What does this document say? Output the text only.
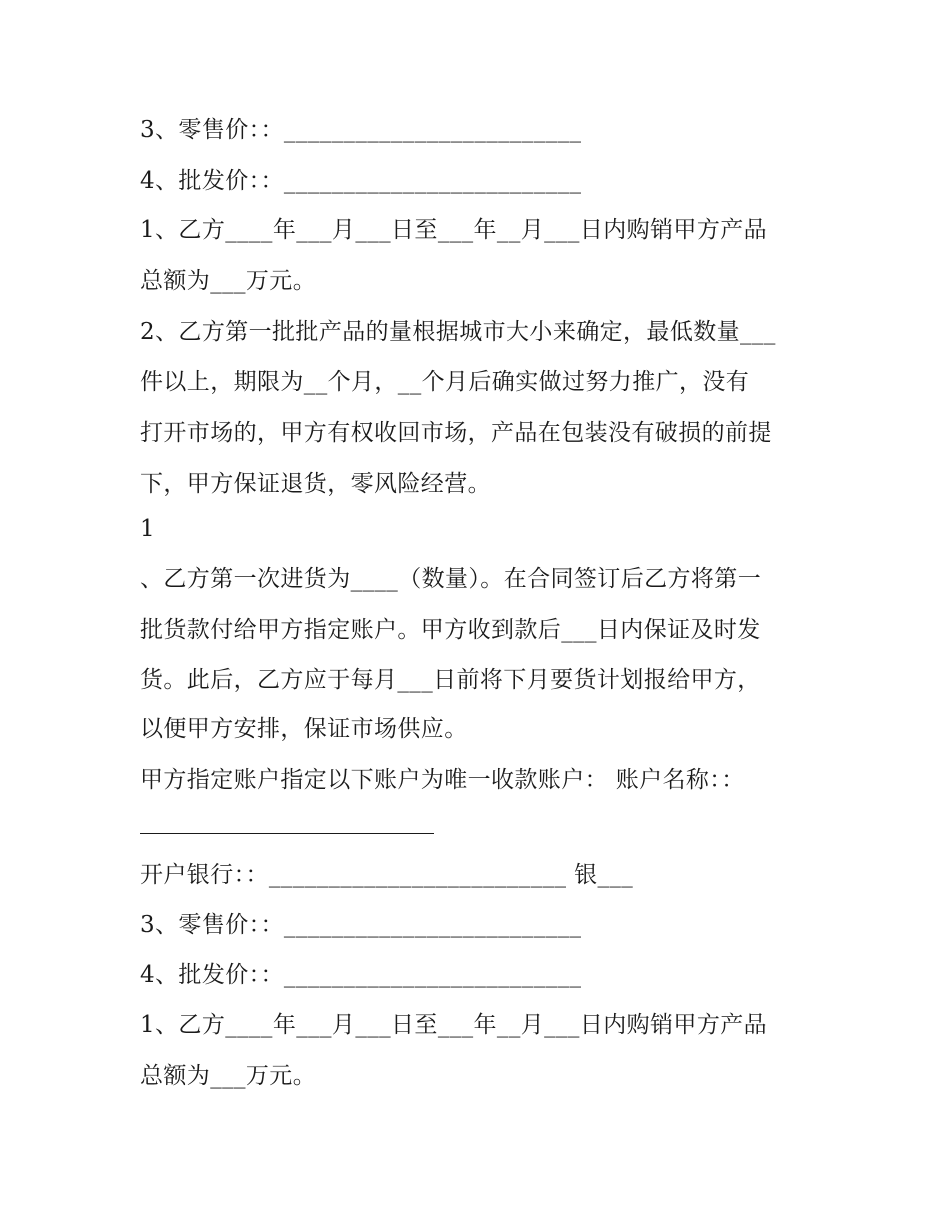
3、零售价：：_________________________
4、批发价：：_________________________
1、乙方____年___月___日至___年__月___日内购销甲方产品
总额为___万元。
2、乙方第一批批产品的量根据城市大小来确定，最低数量___
件以上，期限为__个月，__个月后确实做过努力推广，没有
打开市场的，甲方有权收回市场，产品在包装没有破损的前提
下，甲方保证退货，零风险经营。
1
、乙方第一次进货为____（数量）。在合同签订后乙方将第一
批货款付给甲方指定账户。甲方收到款后___日内保证及时发
货。此后，乙方应于每月___日前将下月要货计划报给甲方，
以便甲方安排，保证市场供应。
甲方指定账户指定以下账户为唯一收款账户： 账户名称：：
开户银行：：_________________________ 银___
3、零售价：：_________________________
4、批发价：：_________________________
1、乙方____年___月___日至___年__月___日内购销甲方产品
总额为___万元。
